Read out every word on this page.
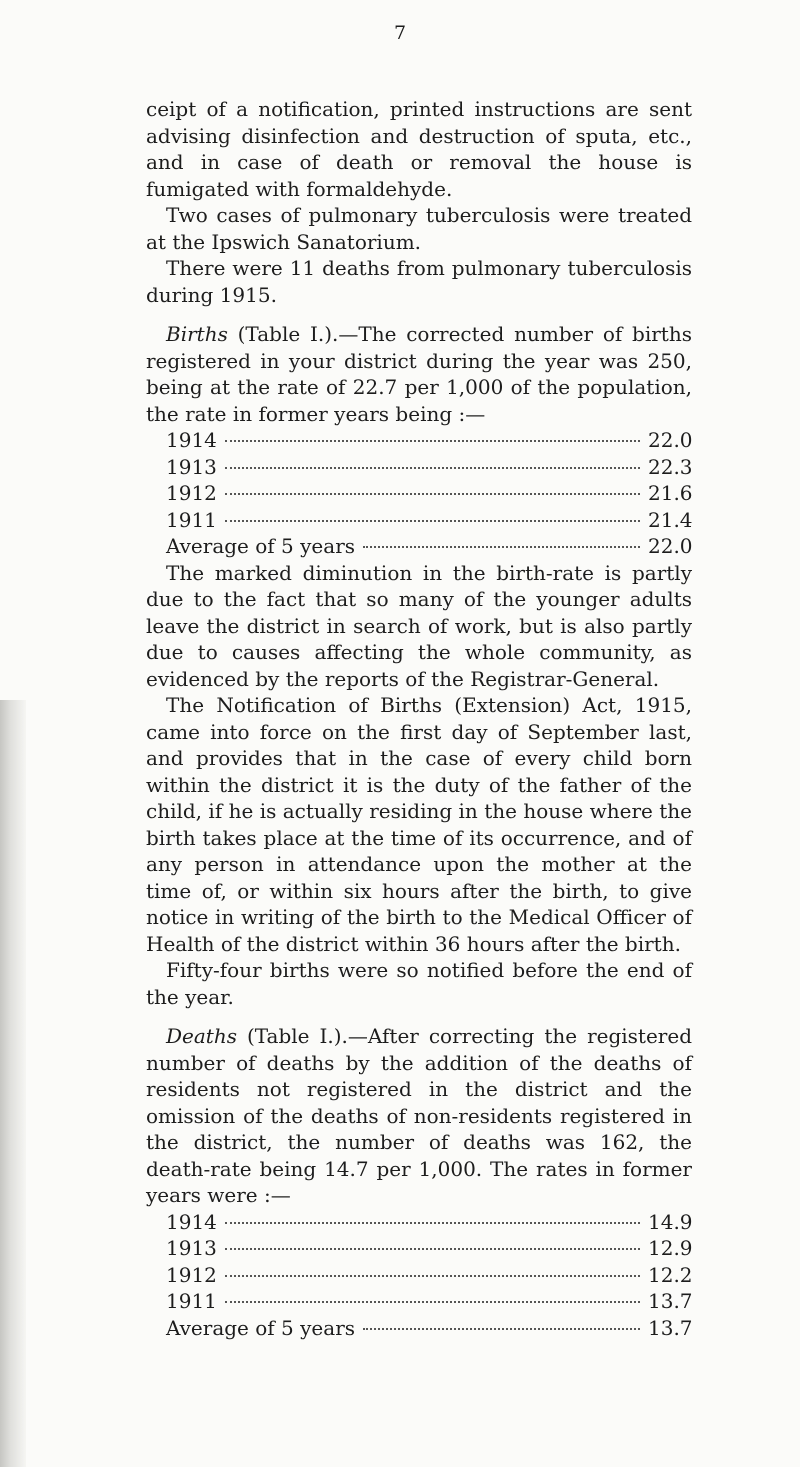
7

ceipt of a notification, printed instructions are sent advising disinfection and destruction of sputa, etc., and in case of death or removal the house is fumigated with formaldehyde.

Two cases of pulmonary tuberculosis were treated at the Ipswich Sanatorium.

There were 11 deaths from pulmonary tuberculosis during 1915.

Births (Table I.).—The corrected number of births registered in your district during the year was 250, being at the rate of 22.7 per 1,000 of the population, the rate in former years being :—

1914	22.0
1913	22.3
1912	21.6
1911	21.4
Average of 5 years	22.0

The marked diminution in the birth-rate is partly due to the fact that so many of the younger adults leave the district in search of work, but is also partly due to causes affecting the whole community, as evidenced by the reports of the Registrar-General.

The Notification of Births (Extension) Act, 1915, came into force on the first day of September last, and provides that in the case of every child born within the district it is the duty of the father of the child, if he is actually residing in the house where the birth takes place at the time of its occurrence, and of any person in attendance upon the mother at the time of, or within six hours after the birth, to give notice in writing of the birth to the Medical Officer of Health of the district within 36 hours after the birth.

Fifty-four births were so notified before the end of the year.

Deaths (Table I.).—After correcting the registered number of deaths by the addition of the deaths of residents not registered in the district and the omission of the deaths of non-residents registered in the district, the number of deaths was 162, the death-rate being 14.7 per 1,000. The rates in former years were :—

1914	14.9
1913	12.9
1912	12.2
1911	13.7
Average of 5 years	13.7
